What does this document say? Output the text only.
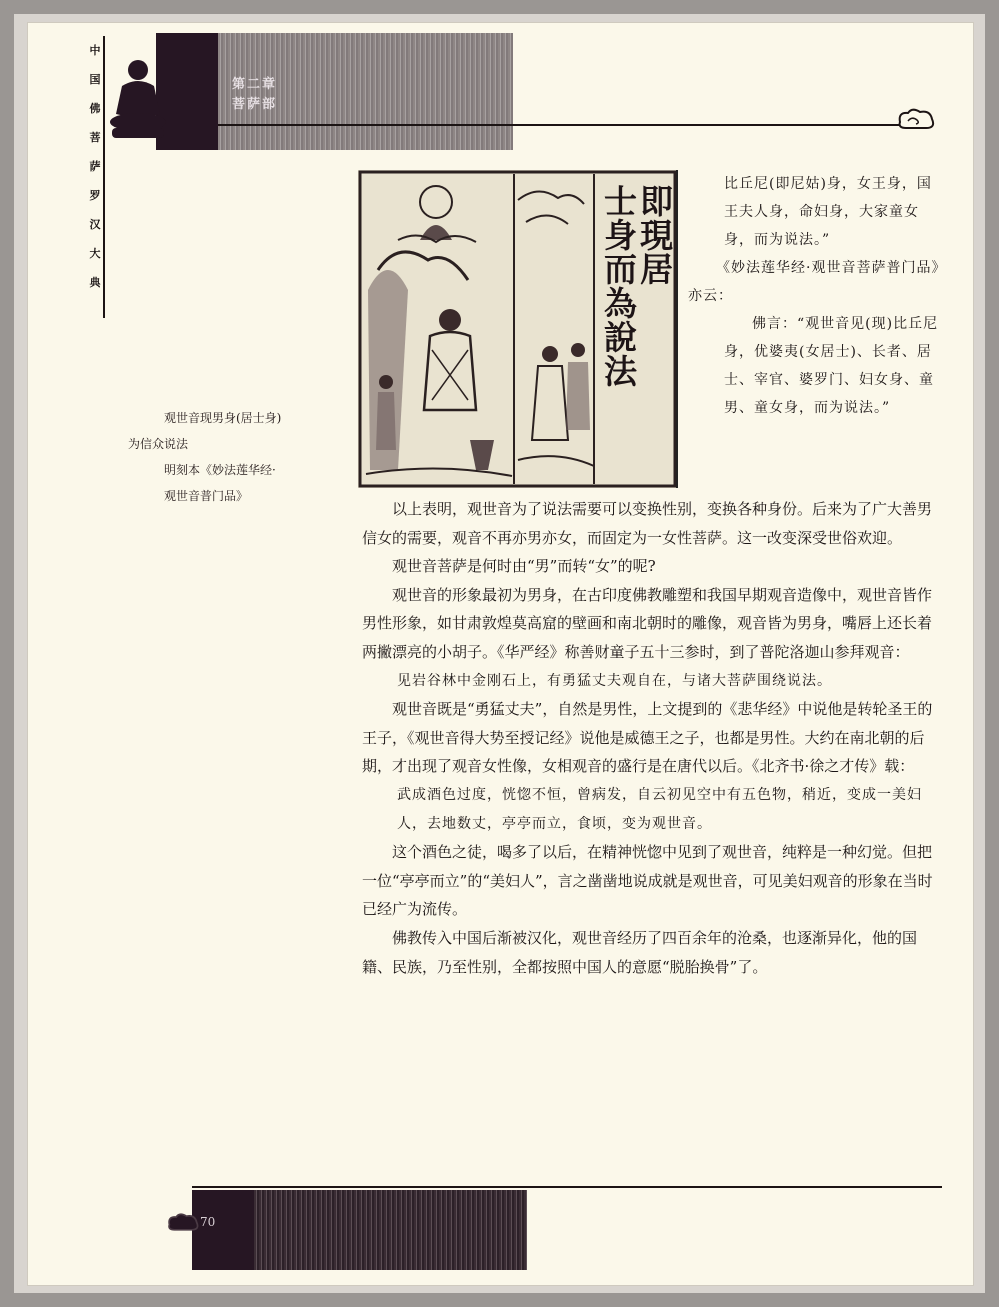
第二章
菩萨部
中
国
佛
菩
萨
罗
汉
大
典
即現居
士身而為說法

观世音现男身(居士身)

为信众说法

明刻本《妙法莲华经·

观世音普门品》

比丘尼(即尼姑)身，女王身，国王夫人身，命妇身，大家童女身，而为说法。”

《妙法莲华经·观世音菩萨普门品》亦云：

佛言：“观世音见(现)比丘尼身，优婆夷(女居士)、长者、居士、宰官、婆罗门、妇女身、童男、童女身，而为说法。”

以上表明，观世音为了说法需要可以变换性别，变换各种身份。后来为了广大善男信女的需要，观音不再亦男亦女，而固定为一女性菩萨。这一改变深受世俗欢迎。

观世音菩萨是何时由“男”而转“女”的呢?

观世音的形象最初为男身，在古印度佛教雕塑和我国早期观音造像中，观世音皆作男性形象，如甘肃敦煌莫高窟的壁画和南北朝时的雕像，观音皆为男身，嘴唇上还长着两撇漂亮的小胡子。《华严经》称善财童子五十三参时，到了普陀洛迦山参拜观音：

见岩谷林中金刚石上，有勇猛丈夫观自在，与诸大菩萨围绕说法。

观世音既是“勇猛丈夫”，自然是男性，上文提到的《悲华经》中说他是转轮圣王的王子，《观世音得大势至授记经》说他是威德王之子，也都是男性。大约在南北朝的后期，才出现了观音女性像，女相观音的盛行是在唐代以后。《北齐书·徐之才传》载：

武成酒色过度，恍惚不恒，曾病发，自云初见空中有五色物，稍近，变成一美妇人，去地数丈，亭亭而立，食顷，变为观世音。

这个酒色之徒，喝多了以后，在精神恍惚中见到了观世音，纯粹是一种幻觉。但把一位“亭亭而立”的“美妇人”，言之凿凿地说成就是观世音，可见美妇观音的形象在当时已经广为流传。

佛教传入中国后渐被汉化，观世音经历了四百余年的沧桑，也逐渐异化，他的国籍、民族，乃至性别，全都按照中国人的意愿“脱胎换骨”了。

70
